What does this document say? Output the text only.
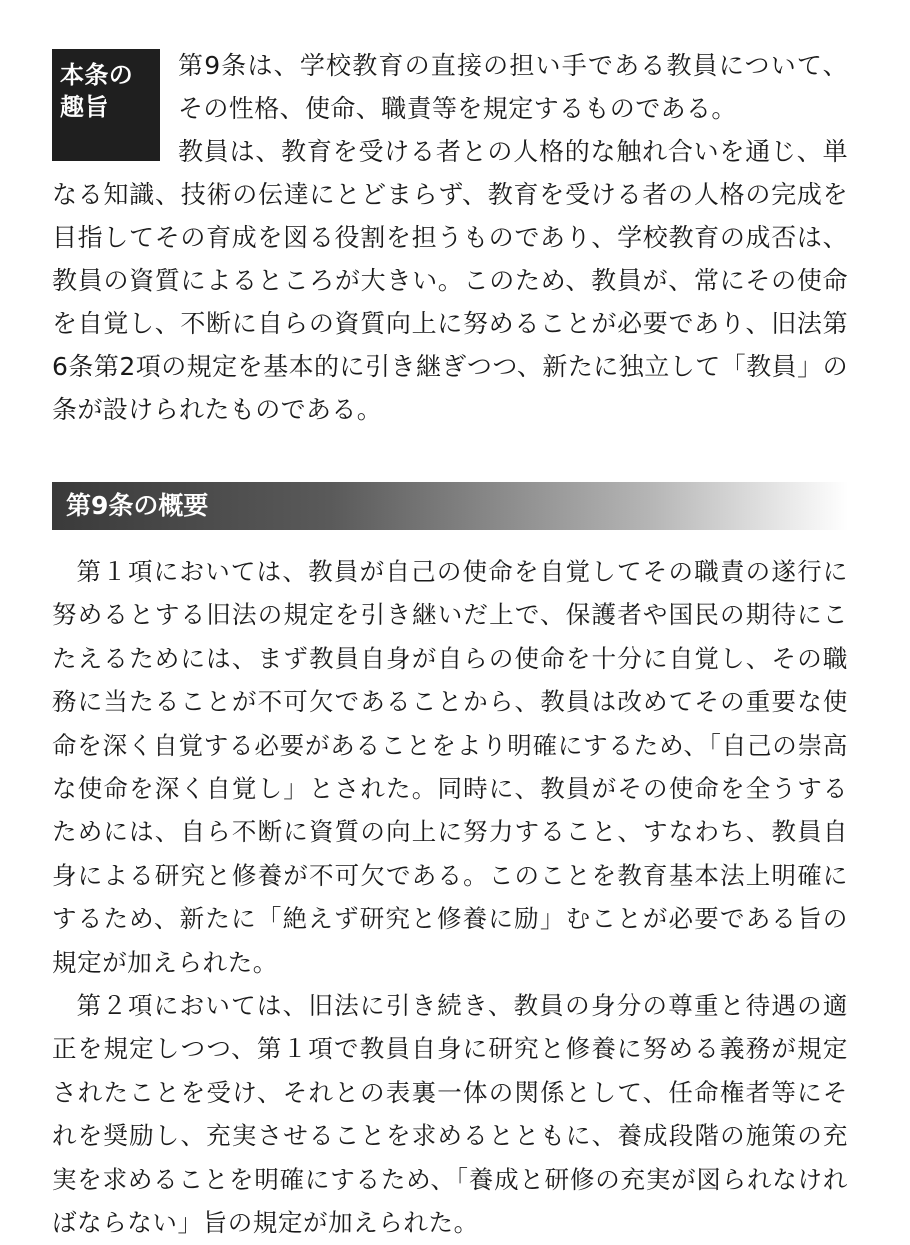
本条の
趣旨

第9条は、学校教育の直接の担い手である教員について、その性格、使命、職責等を規定するものである。

教員は、教育を受ける者との人格的な触れ合いを通じ、単なる知識、技術の伝達にとどまらず、教育を受ける者の人格の完成を目指してその育成を図る役割を担うものであり、学校教育の成否は、教員の資質によるところが大きい。このため、教員が、常にその使命を自覚し、不断に自らの資質向上に努めることが必要であり、旧法第6条第2項の規定を基本的に引き継ぎつつ、新たに独立して「教員」の条が設けられたものである。

第9条の概要

第１項においては、教員が自己の使命を自覚してその職責の遂行に努めるとする旧法の規定を引き継いだ上で、保護者や国民の期待にこたえるためには、まず教員自身が自らの使命を十分に自覚し、その職務に当たることが不可欠であることから、教員は改めてその重要な使命を深く自覚する必要があることをより明確にするため、「自己の崇高な使命を深く自覚し」とされた。同時に、教員がその使命を全うするためには、自ら不断に資質の向上に努力すること、すなわち、教員自身による研究と修養が不可欠である。このことを教育基本法上明確にするため、新たに「絶えず研究と修養に励」むことが必要である旨の規定が加えられた。

第２項においては、旧法に引き続き、教員の身分の尊重と待遇の適正を規定しつつ、第１項で教員自身に研究と修養に努める義務が規定されたことを受け、それとの表裏一体の関係として、任命権者等にそれを奨励し、充実させることを求めるとともに、養成段階の施策の充実を求めることを明確にするため、「養成と研修の充実が図られなければならない」旨の規定が加えられた。
